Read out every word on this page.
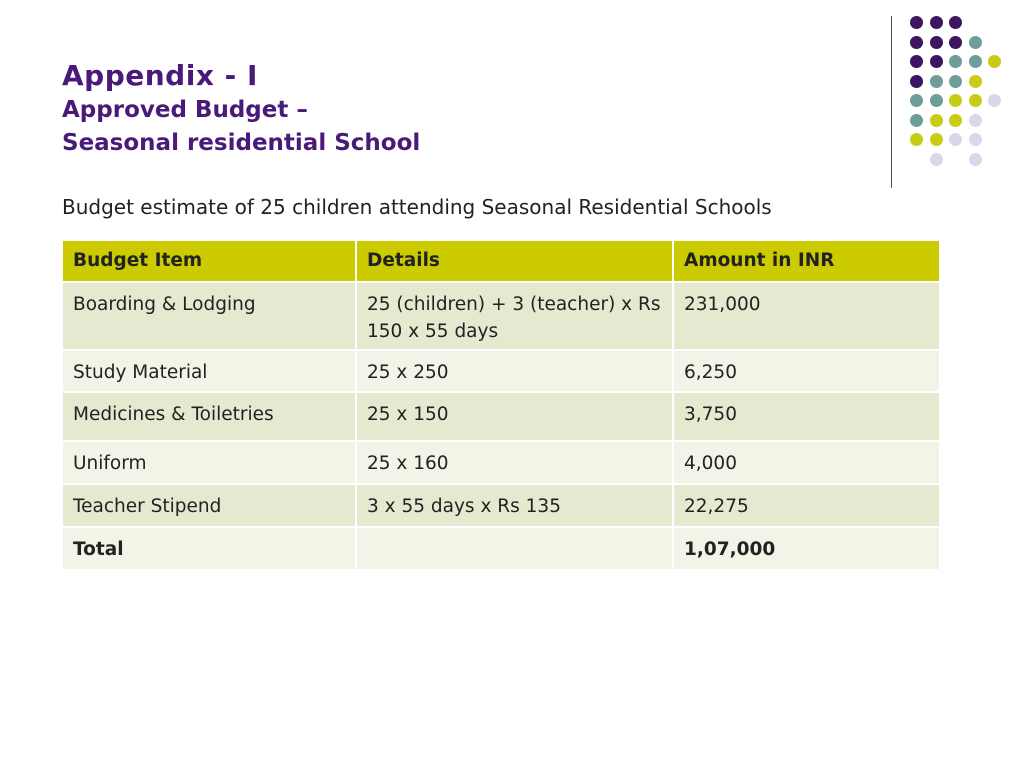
Appendix - I
Approved Budget –
Seasonal residential School
Budget estimate of 25 children attending Seasonal Residential Schools
Budget Item	Details	Amount in INR
Boarding & Lodging	25 (children) + 3 (teacher) x Rs 150 x 55 days	231,000
Study Material	25 x 250	6,250
Medicines & Toiletries	25 x 150	3,750
Uniform	25 x 160	4,000
Teacher Stipend	3 x 55 days x Rs 135	22,275
Total		1,07,000
